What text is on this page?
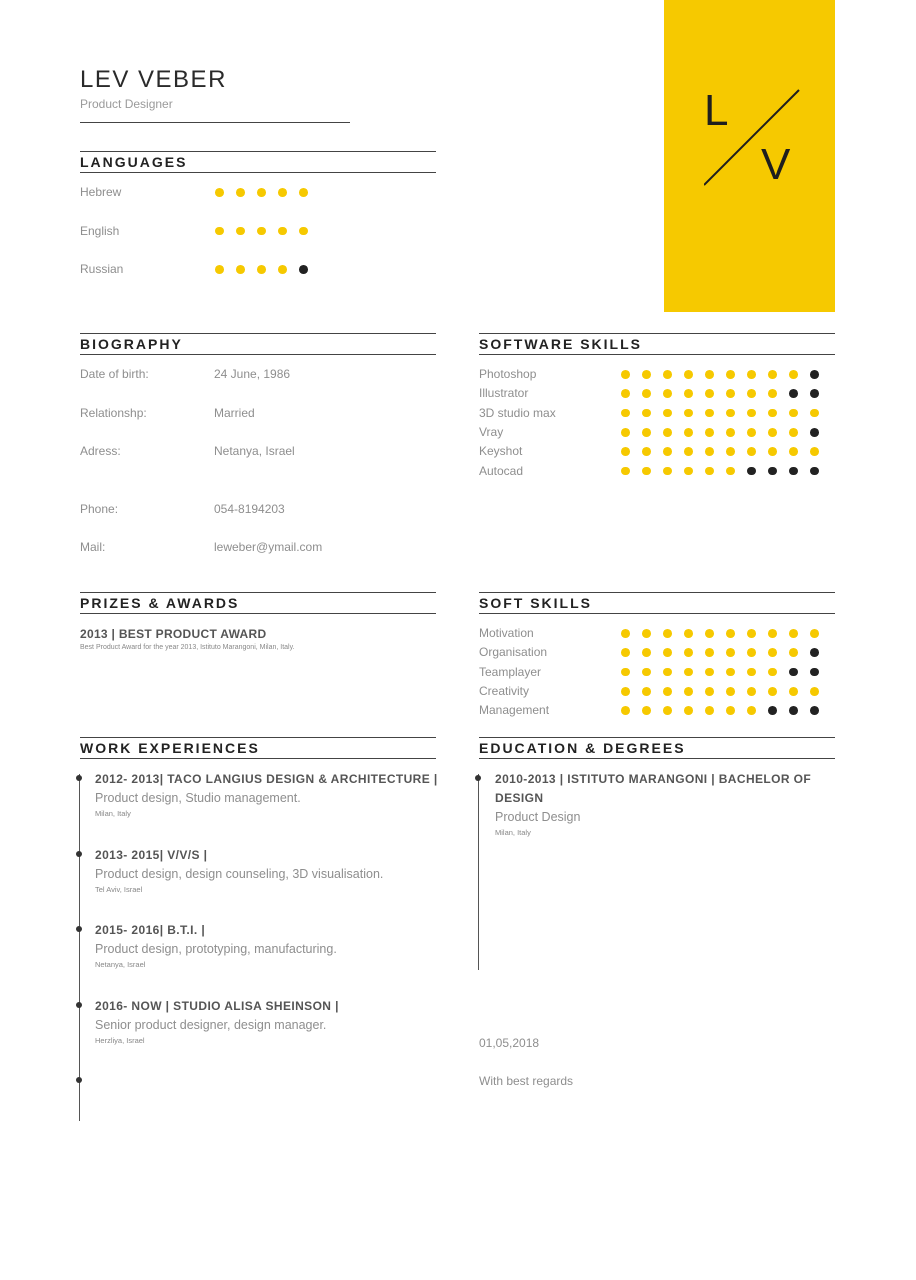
LEV VEBER
Product Designer	L
V
LANGUAGES
Hebrew
English
Russian
BIOGRAPHY
Date of birth:	24 June, 1986
Relationshp:	Married
Adress:	Netanya, Israel
Phone:	054-8194203
Mail:	leweber@ymail.com
SOFTWARE SKILLS
Photoshop
Illustrator
3D studio max
Vray
Keyshot
Autocad
PRIZES & AWARDS
2013 | BEST PRODUCT AWARD
Best Product Award for the year 2013, Istituto Marangoni, Milan, Italy.
SOFT SKILLS
Motivation
Organisation
Teamplayer
Creativity
Management
WORK EXPERIENCES
2012- 2013| TACO LANGIUS DESIGN & ARCHITECTURE |
Product design, Studio management.
Milan, Italy
2013- 2015| V/V/S |
Product design, design counseling, 3D visualisation.
Tel Aviv, Israel
2015- 2016| B.T.I. |
Product design, prototyping, manufacturing.
Netanya, Israel
2016- NOW | STUDIO ALISA SHEINSON |
Senior product designer, design manager.
Herzliya, Israel
EDUCATION & DEGREES
2010-2013 | ISTITUTO MARANGONI | BACHELOR OF
DESIGN
Product Design
Milan, Italy
01,05,2018
With best regards
